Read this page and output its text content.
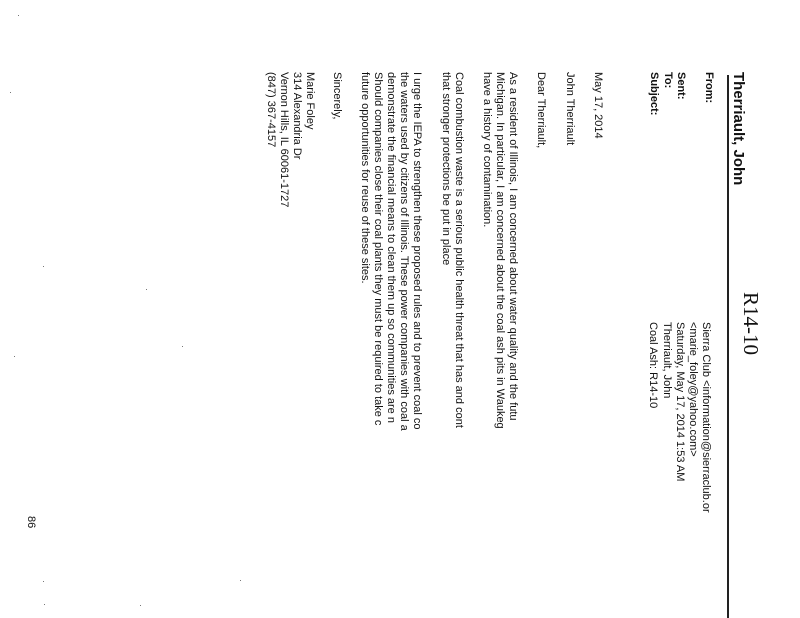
R14-10
Therriault, John
From:
Sent:
To:
Subject:
Sierra Club <information@sierraclub.or
<marie_foley@yahoo.com>
Saturday, May 17, 2014 1:53 AM
Therriault, John
Coal Ash: R14-10
May 17, 2014
John Therriault
Dear Therriault,
As a resident of Illinois, I am concerned about water quality and the futu
Michigan. In particular, I am concerned about the coal ash pits in Waukeg
have a history of contamination.
Coal combustion waste is a serious public health threat that has and cont
that stronger protections be put in place
I urge the IEPA to strengthen these proposed rules and to prevent coal co
the waters used by citizens of Illinois. These power companies with coal a
demonstrate the financial means to clean them up so communities are n
Should companies close their coal plants they must be required to take c
future opportunities for reuse of these sites.
Sincerely,
Marie Foley
314 Alexandria Dr
Vernon Hills, IL 60061-1727
(847) 367-4157
86
